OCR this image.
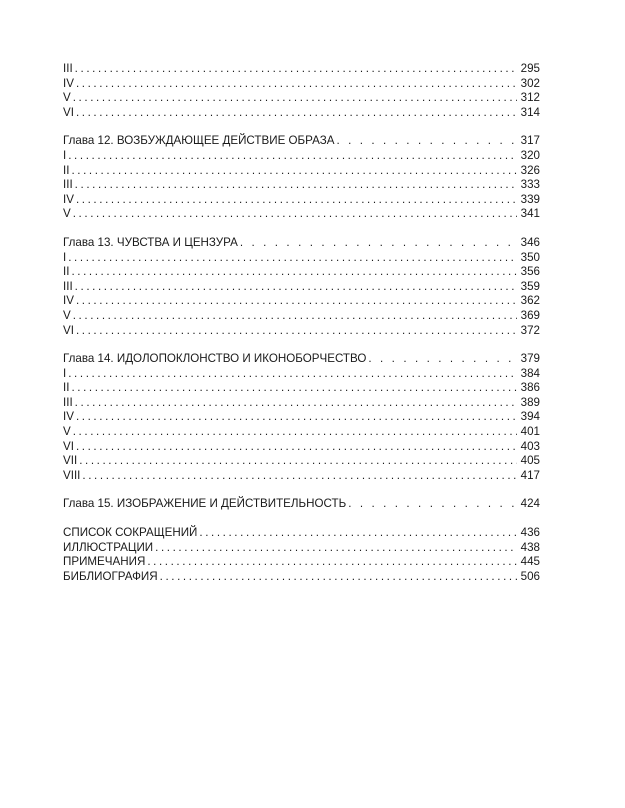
III .....	295
IV .....	302
V .....	312
VI .....	314
Глава 12. ВОЗБУЖДАЮЩЕЕ ДЕЙСТВИЕ ОБРАЗА . . .	317
I .....	320
II .....	326
III .....	333
IV .....	339
V .....	341
Глава 13. ЧУВСТВА И ЦЕНЗУРА . . .	346
I .....	350
II .....	356
III .....	359
IV .....	362
V .....	369
VI .....	372
Глава 14. ИДОЛОПОКЛОНСТВО И ИКОНОБОРЧЕСТВО . . .	379
I .....	384
II .....	386
III .....	389
IV .....	394
V .....	401
VI .....	403
VII .....	405
VIII .....	417
Глава 15. ИЗОБРАЖЕНИЕ И ДЕЙСТВИТЕЛЬНОСТЬ . . .	424
СПИСОК СОКРАЩЕНИЙ .....	436
ИЛЛЮСТРАЦИИ .....	438
ПРИМЕЧАНИЯ .....	445
БИБЛИОГРАФИЯ .....	506
